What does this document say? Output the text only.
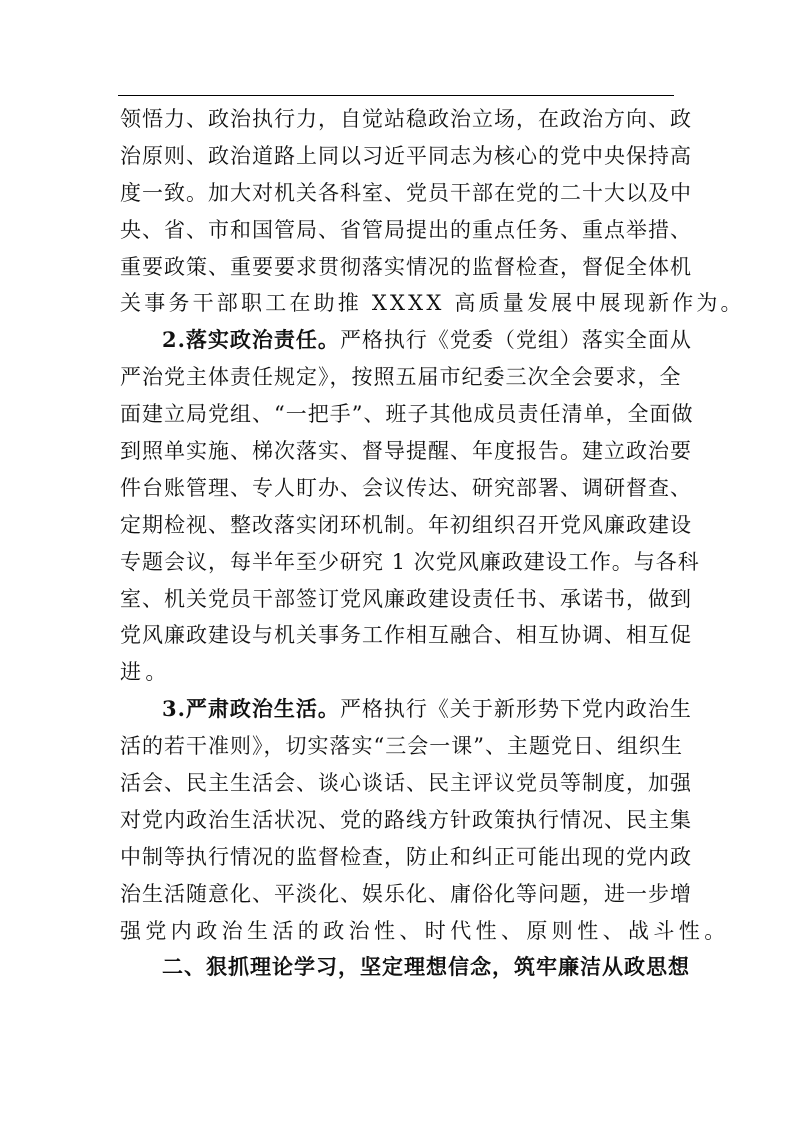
领悟力、政治执行力，自觉站稳政治立场，在政治方向、政
治原则、政治道路上同以习近平同志为核心的党中央保持高
度一致。加大对机关各科室、党员干部在党的二十大以及中
央、省、市和国管局、省管局提出的重点任务、重点举措、
重要政策、重要要求贯彻落实情况的监督检查，督促全体机
关事务干部职工在助推 XXXX 高质量发展中展现新作为。
2.落实政治责任。严格执行《党委（党组）落实全面从
严治党主体责任规定》，按照五届市纪委三次全会要求，全
面建立局党组、“一把手”、班子其他成员责任清单，全面做
到照单实施、梯次落实、督导提醒、年度报告。建立政治要
件台账管理、专人盯办、会议传达、研究部署、调研督查、
定期检视、整改落实闭环机制。年初组织召开党风廉政建设
专题会议，每半年至少研究 1 次党风廉政建设工作。与各科
室、机关党员干部签订党风廉政建设责任书、承诺书，做到
党风廉政建设与机关事务工作相互融合、相互协调、相互促
进。
3.严肃政治生活。严格执行《关于新形势下党内政治生
活的若干准则》，切实落实“三会一课”、主题党日、组织生
活会、民主生活会、谈心谈话、民主评议党员等制度，加强
对党内政治生活状况、党的路线方针政策执行情况、民主集
中制等执行情况的监督检查，防止和纠正可能出现的党内政
治生活随意化、平淡化、娱乐化、庸俗化等问题，进一步增
强党内政治生活的政治性、时代性、原则性、战斗性。
二、狠抓理论学习，坚定理想信念，筑牢廉洁从政思想
